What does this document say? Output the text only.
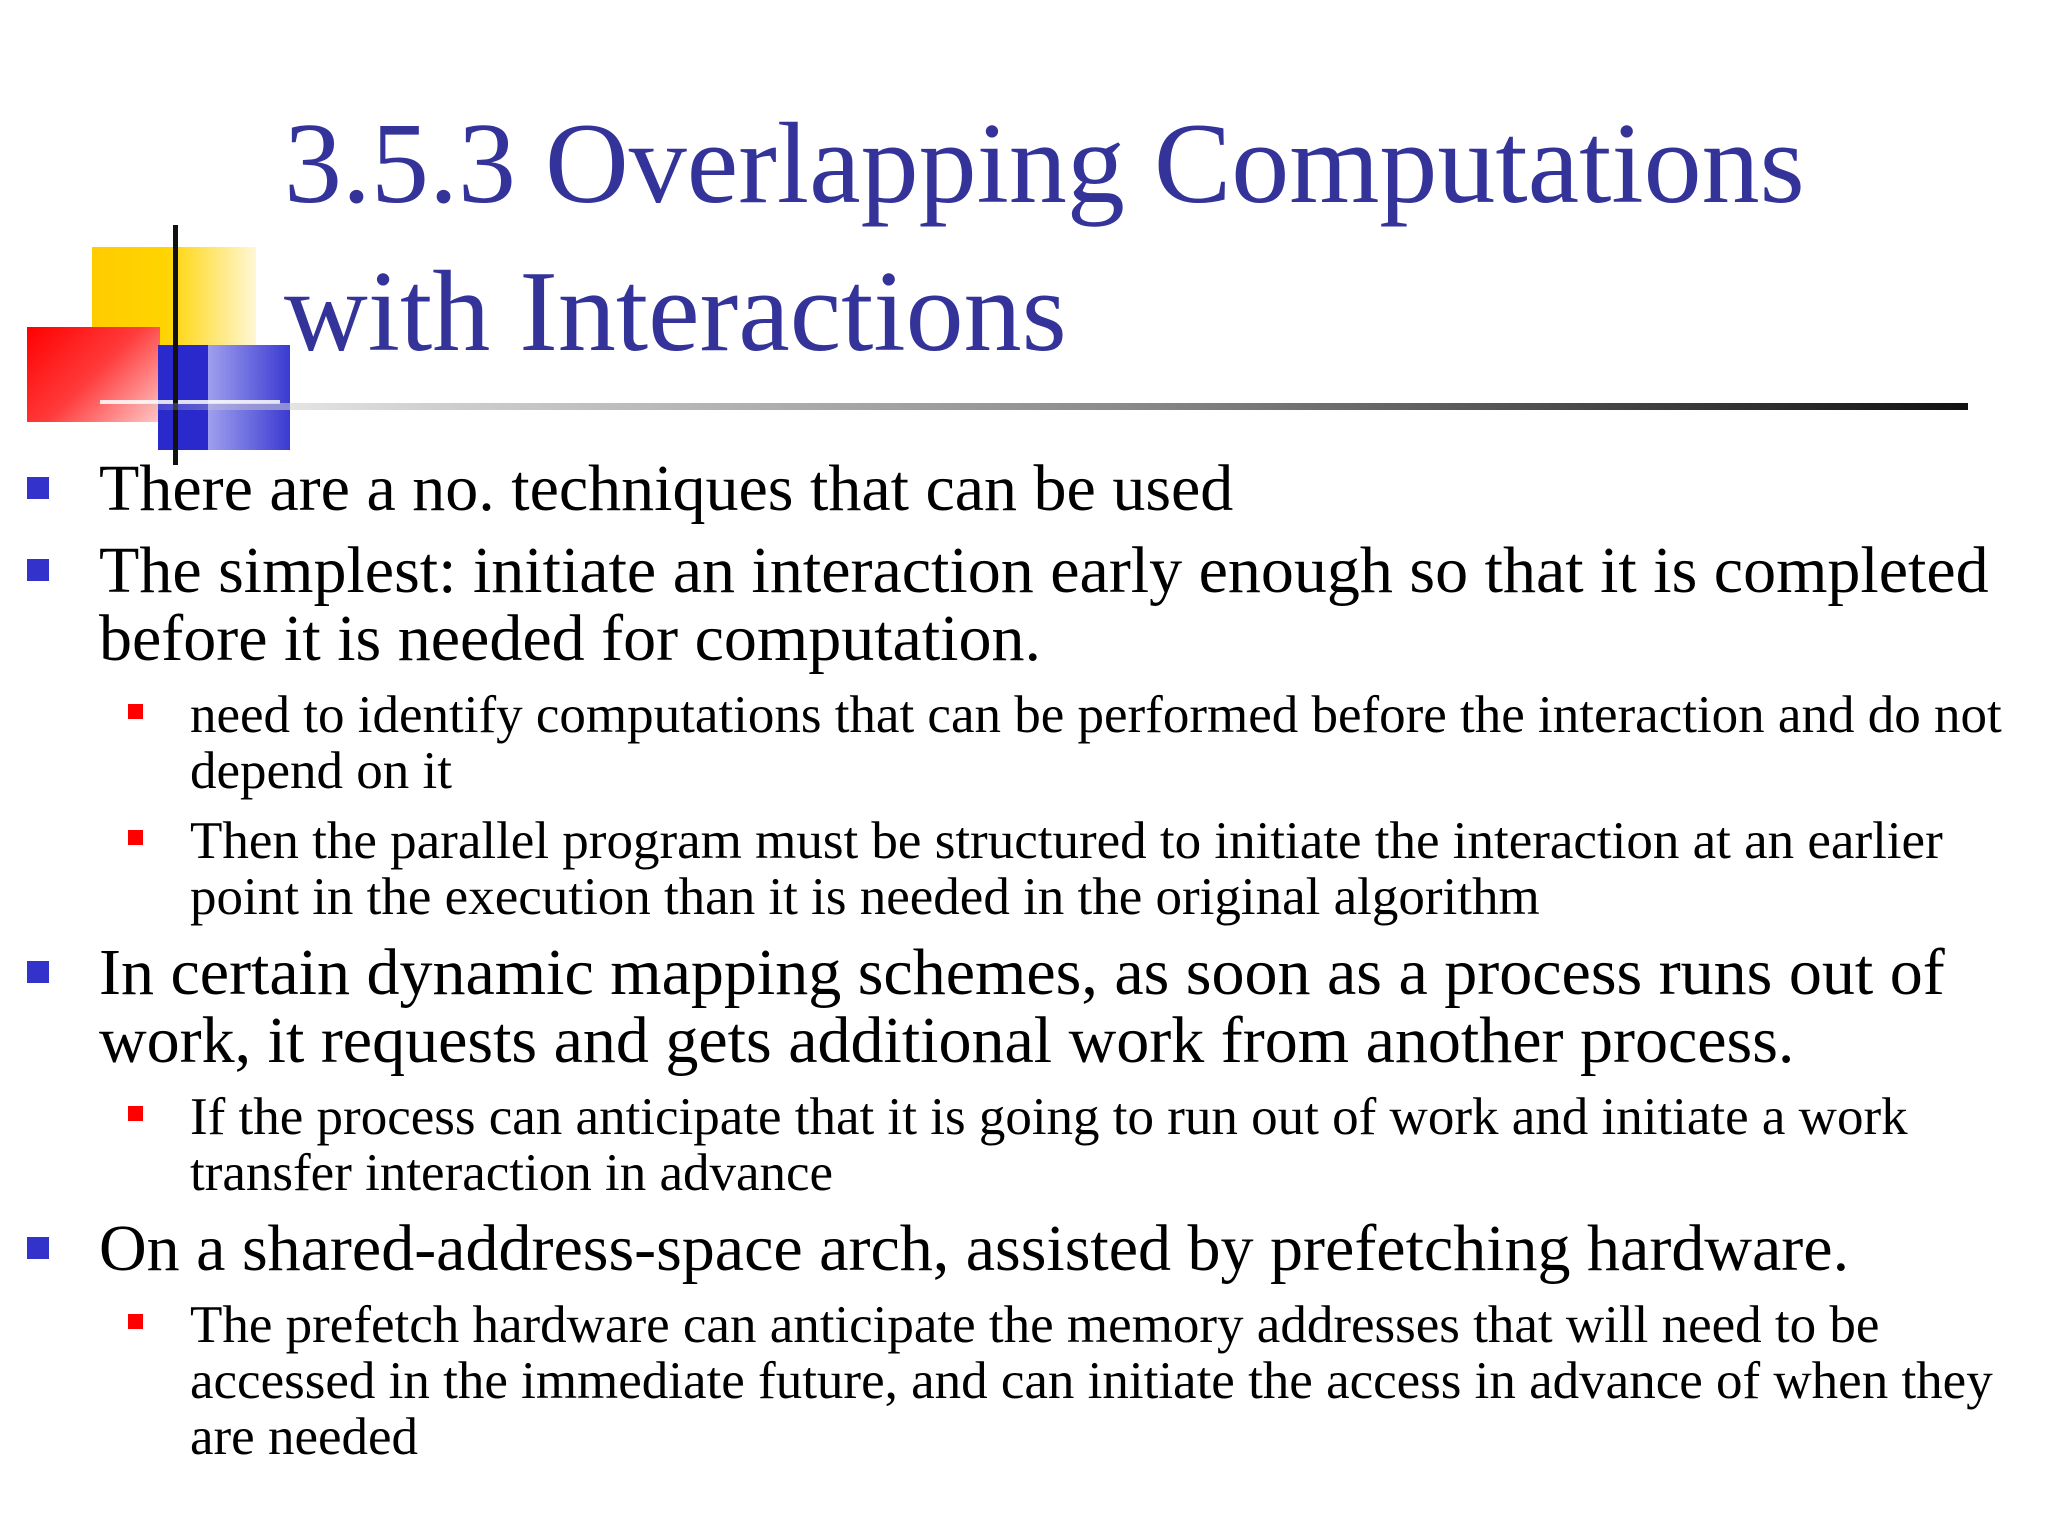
3.5.3 Overlapping Computations
with Interactions
There are a no. techniques that can be used
The simplest: initiate an interaction early enough so that it is completed before it is needed for computation.
need to identify computations that can be performed before the interaction and do not depend on it
Then the parallel program must be structured to initiate the interaction at an earlier point in the execution than it is needed in the original algorithm
In certain dynamic mapping schemes, as soon as a process runs out of work, it requests and gets additional work from another process.
If the process can anticipate that it is going to run out of work and initiate a work transfer interaction in advance
On a shared-address-space arch, assisted by prefetching hardware.
The prefetch hardware can anticipate the memory addresses that will need to be accessed in the immediate future, and can initiate the access in advance of when they are needed
